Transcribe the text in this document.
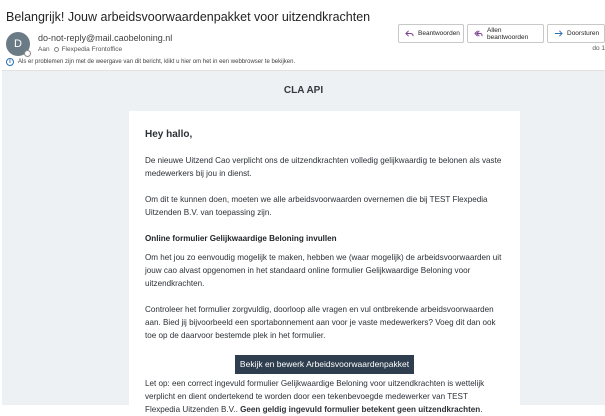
Belangrijk! Jouw arbeidsvoorwaardenpakket voor uitzendkrachten
D do-not-reply@mail.caobeloning.nl
Aan Flexpedia Frontoffice
Beantwoorden	Allen beantwoorden	Doorsturen
do 1
i	Als er problemen zijn met de weergave van dit bericht, klikt u hier om het in een webbrowser te bekijken.
CLA API
Hey hallo,
De nieuwe Uitzend Cao verplicht ons de uitzendkrachten volledig gelijkwaardig te belonen als vaste medewerkers bij jou in dienst.
Om dit te kunnen doen, moeten we alle arbeidsvoorwaarden overnemen die bij TEST Flexpedia Uitzenden B.V. van toepassing zijn.
Online formulier Gelijkwaardige Beloning invullen
Om het jou zo eenvoudig mogelijk te maken, hebben we (waar mogelijk) de arbeidsvoorwaarden uit jouw cao alvast opgenomen in het standaard online formulier Gelijkwaardige Beloning voor uitzendkrachten.
Controleer het formulier zorgvuldig, doorloop alle vragen en vul ontbrekende arbeidsvoorwaarden aan. Bied jij bijvoorbeeld een sportabonnement aan voor je vaste medewerkers? Voeg dit dan ook toe op de daarvoor bestemde plek in het formulier.
Bekijk en bewerk Arbeidsvoorwaardenpakket
Let op: een correct ingevuld formulier Gelijkwaardige Beloning voor uitzendkrachten is wettelijk verplicht en dient ondertekend te worden door een tekenbevoegde medewerker van TEST Flexpedia Uitzenden B.V.. Geen geldig ingevuld formulier betekent geen uitzendkrachten.
